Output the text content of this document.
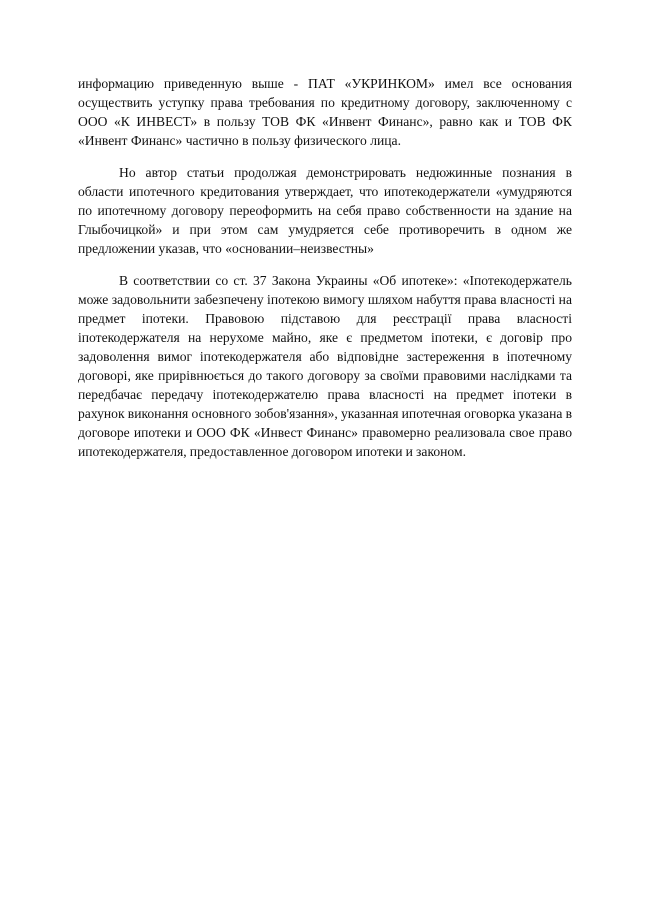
информацию приведенную выше - ПАТ «УКРИНКОМ» имел все основания осуществить уступку права требования по кредитному договору, заключенному с ООО «К ИНВЕСТ» в пользу ТОВ ФК «Инвент Финанс», равно как и ТОВ ФК «Инвент Финанс» частично в пользу физического лица.

Но автор статьи продолжая демонстрировать недюжинные познания в области ипотечного кредитования утверждает, что ипотекодержатели «умудряются по ипотечному договору переоформить на себя право собственности на здание на Глыбочицкой» и при этом сам умудряется себе противоречить в одном же предложении указав, что «основании–неизвестны»

В соответствии со ст. 37 Закона Украины «Об ипотеке»: «Іпотекодержатель може задовольнити забезпечену іпотекою вимогу шляхом набуття права власності на предмет іпотеки. Правовою підставою для реєстрації права власності іпотекодержателя на нерухоме майно, яке є предметом іпотеки, є договір про задоволення вимог іпотекодержателя або відповідне застереження в іпотечному договорі, яке прирівнюється до такого договору за своїми правовими наслідками та передбачає передачу іпотекодержателю права власності на предмет іпотеки в рахунок виконання основного зобов'язання», указанная ипотечная оговорка указана в договоре ипотеки и ООО ФК «Инвест Финанс» правомерно реализовала свое право ипотекодержателя, предоставленное договором ипотеки и законом.
